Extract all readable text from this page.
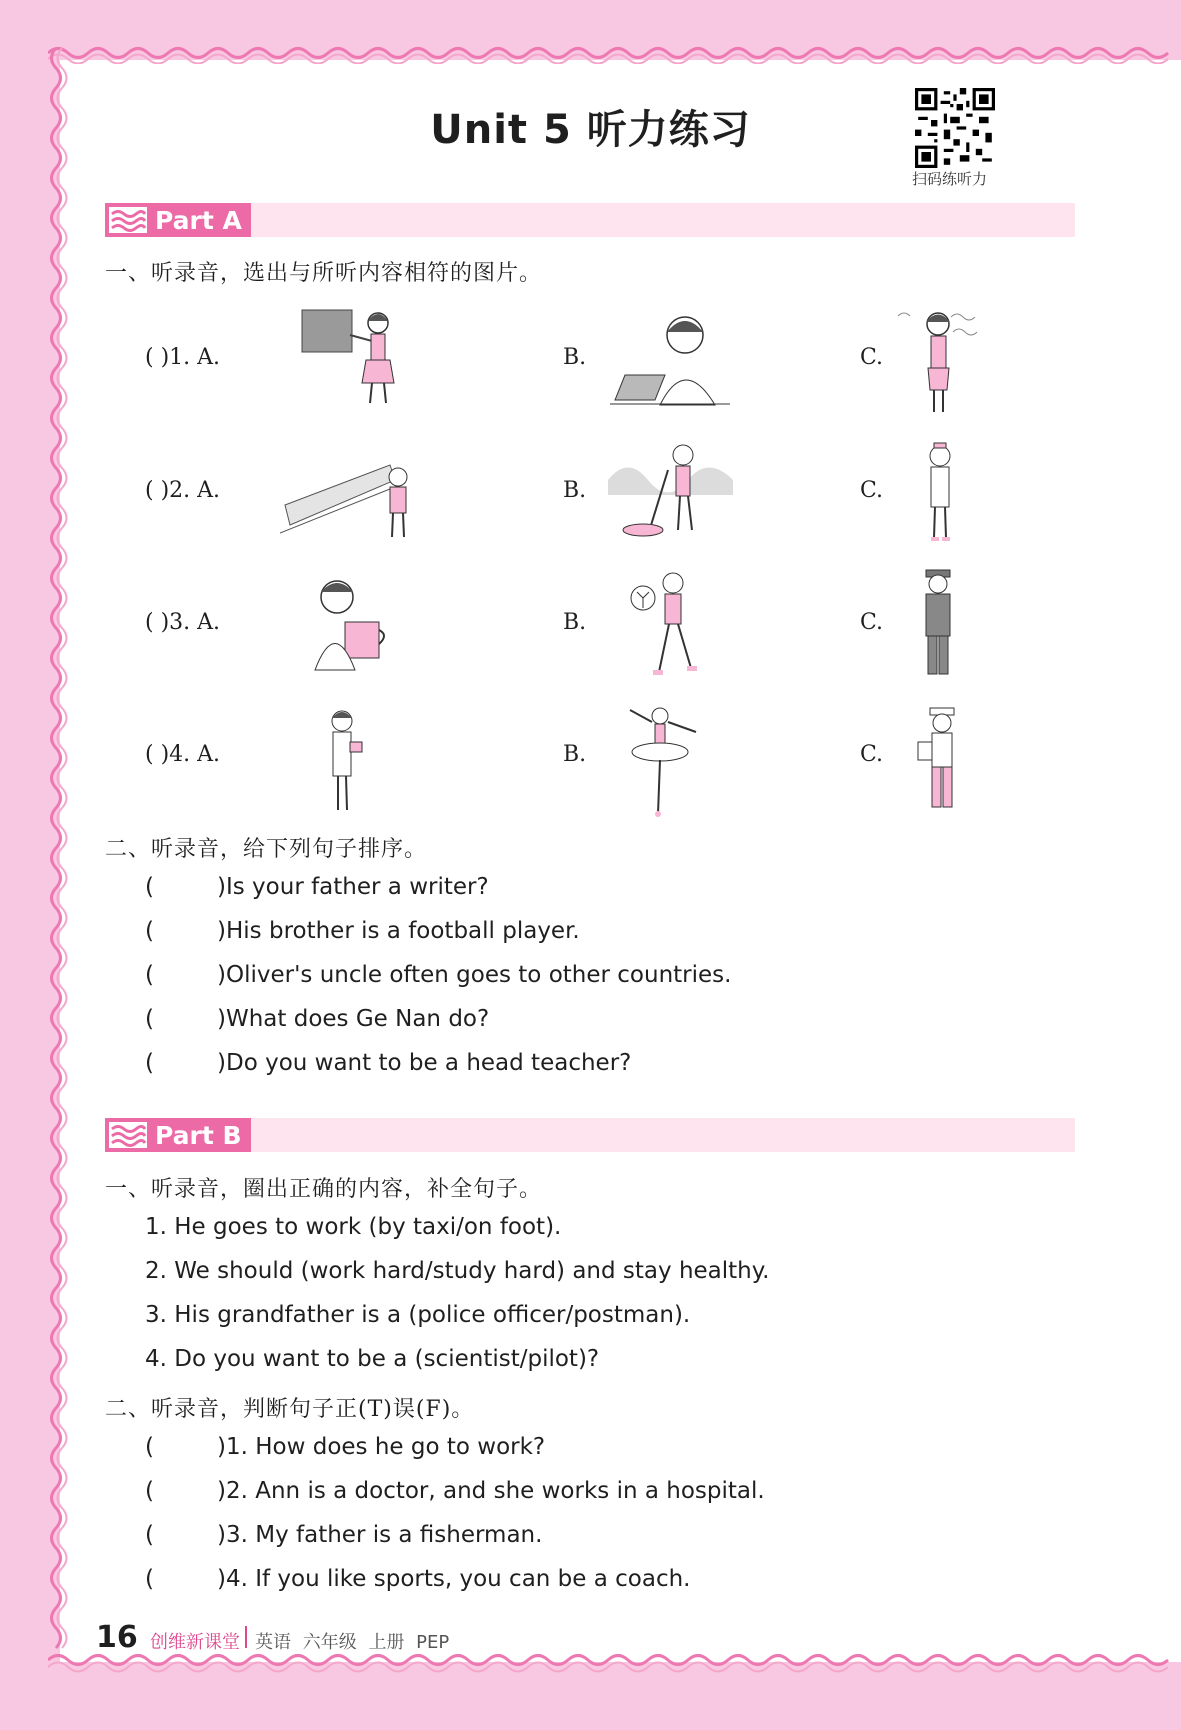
Unit 5 听力练习
扫码练听力
Part A
一、听录音，选出与所听内容相符的图片。
( )1. A.	B.	C.
( )2. A.	B.	C.
( )3. A.	B.	C.
( )4. A.	B.	C.
二、听录音，给下列句子排序。
(	)Is your father a writer?
(	)His brother is a football player.
(	)Oliver's uncle often goes to other countries.
(	)What does Ge Nan do?
(	)Do you want to be a head teacher?
Part B
一、听录音，圈出正确的内容，补全句子。
1. He goes to work (by taxi/on foot).
2. We should (work hard/study hard) and stay healthy.
3. His grandfather is a (police officer/postman).
4. Do you want to be a (scientist/pilot)?
二、听录音，判断句子正(T)误(F)。
(	)1. How does he go to work?
(	)2. Ann is a doctor, and she works in a hospital.
(	)3. My father is a fisherman.
(	)4. If you like sports, you can be a coach.
16 创维新课堂 英语 六年级 上册 PEP
